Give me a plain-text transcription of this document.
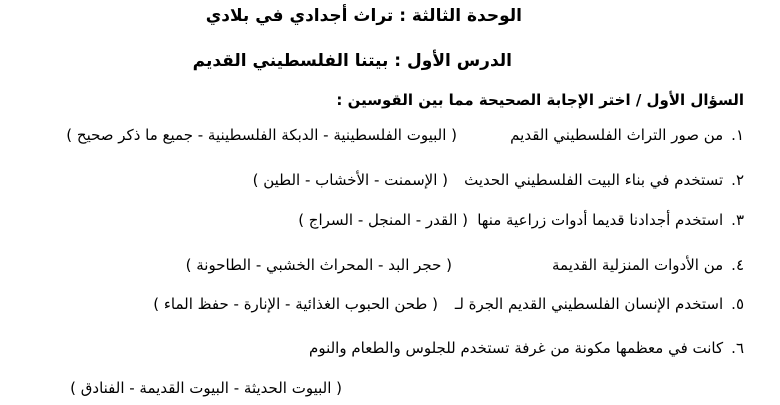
الوحدة الثالثة : تراث أجدادي في بلادي
الدرس الأول : بيتنا الفلسطيني القديم
السؤال الأول / اختر الإجابة الصحيحة مما بين القوسين :
١.من صور التراث الفلسطيني القديم
( البيوت الفلسطينية - الدبكة الفلسطينية - جميع ما ذكر صحيح )
٢.تستخدم في بناء البيت الفلسطيني الحديث
( الإسمنت - الأخشاب - الطين )
٣.استخدم أجدادنا قديما أدوات زراعية منها
( القدر - المنجل - السراج )
٤.من الأدوات المنزلية القديمة
( حجر البد - المحراث الخشبي - الطاحونة )
٥.استخدم الإنسان الفلسطيني القديم الجرة لـ
( طحن الحبوب الغذائية - الإنارة - حفظ الماء )
٦.كانت في معظمها مكونة من غرفة تستخدم للجلوس والطعام والنوم
( البيوت الحديثة - البيوت القديمة - الفنادق )
